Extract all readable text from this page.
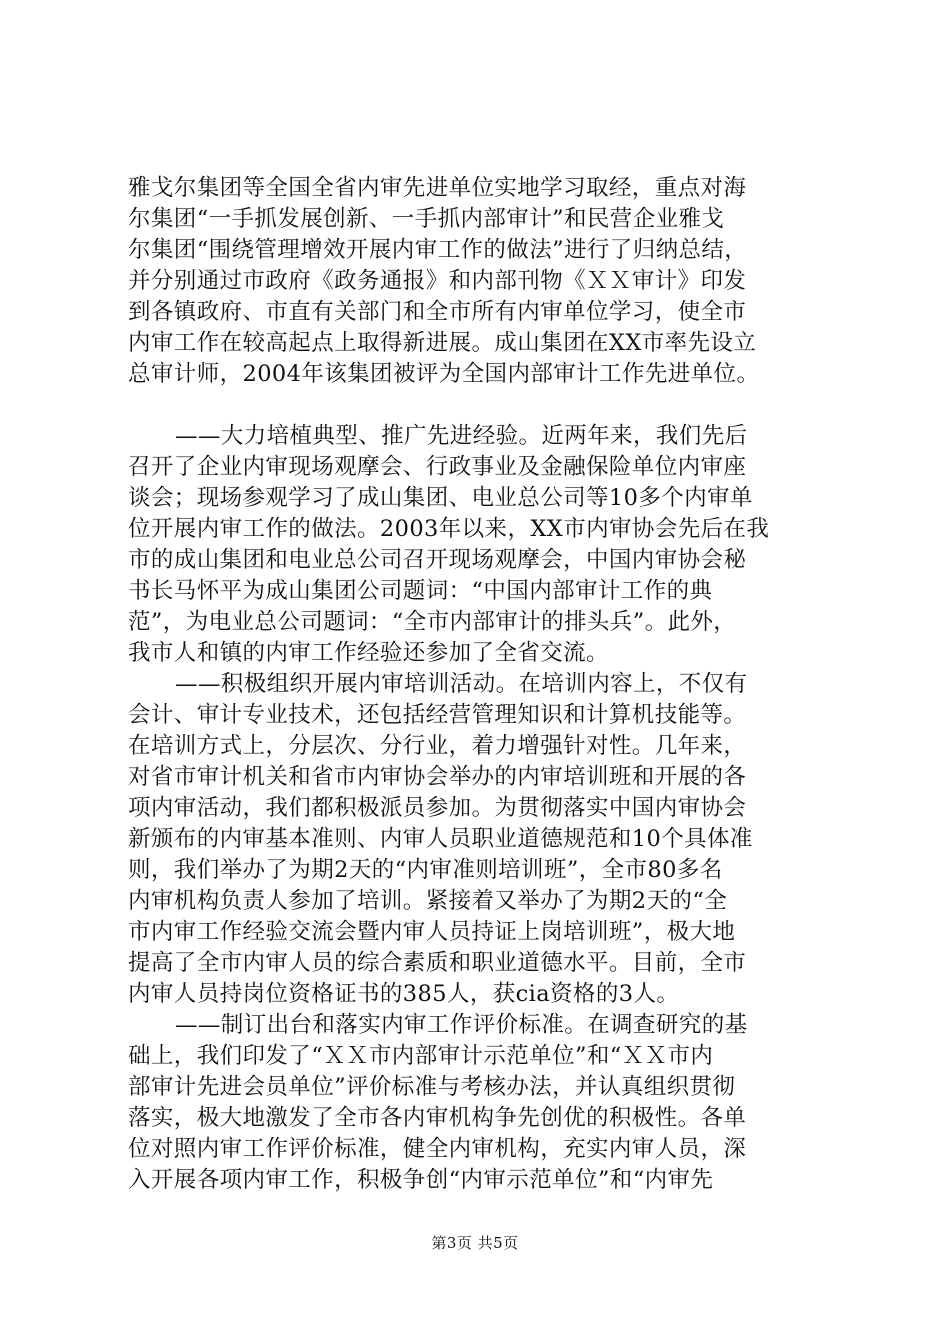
雅戈尔集团等全国全省内审先进单位实地学习取经，重点对海
尔集团“一手抓发展创新、一手抓内部审计”和民营企业雅戈
尔集团“围绕管理增效开展内审工作的做法”进行了归纳总结，
并分别通过市政府《政务通报》和内部刊物《ＸＸ审计》印发
到各镇政府、市直有关部门和全市所有内审单位学习，使全市
内审工作在较高起点上取得新进展。成山集团在XX市率先设立
总审计师，2004年该集团被评为全国内部审计工作先进单位。
——大力培植典型、推广先进经验。近两年来，我们先后
召开了企业内审现场观摩会、行政事业及金融保险单位内审座
谈会；现场参观学习了成山集团、电业总公司等10多个内审单
位开展内审工作的做法。2003年以来，XX市内审协会先后在我
市的成山集团和电业总公司召开现场观摩会，中国内审协会秘
书长马怀平为成山集团公司题词：“中国内部审计工作的典
范”，为电业总公司题词：“全市内部审计的排头兵”。此外，
我市人和镇的内审工作经验还参加了全省交流。
——积极组织开展内审培训活动。在培训内容上，不仅有
会计、审计专业技术，还包括经营管理知识和计算机技能等。
在培训方式上，分层次、分行业，着力增强针对性。几年来，
对省市审计机关和省市内审协会举办的内审培训班和开展的各
项内审活动，我们都积极派员参加。为贯彻落实中国内审协会
新颁布的内审基本准则、内审人员职业道德规范和10个具体准
则，我们举办了为期2天的“内审准则培训班”，全市80多名
内审机构负责人参加了培训。紧接着又举办了为期2天的“全
市内审工作经验交流会暨内审人员持证上岗培训班”，极大地
提高了全市内审人员的综合素质和职业道德水平。目前，全市
内审人员持岗位资格证书的385人，获cia资格的3人。
——制订出台和落实内审工作评价标准。在调查研究的基
础上，我们印发了“ＸＸ市内部审计示范单位”和“ＸＸ市内
部审计先进会员单位”评价标准与考核办法，并认真组织贯彻
落实，极大地激发了全市各内审机构争先创优的积极性。各单
位对照内审工作评价标准，健全内审机构，充实内审人员，深
入开展各项内审工作，积极争创“内审示范单位”和“内审先
第3页 共5页
